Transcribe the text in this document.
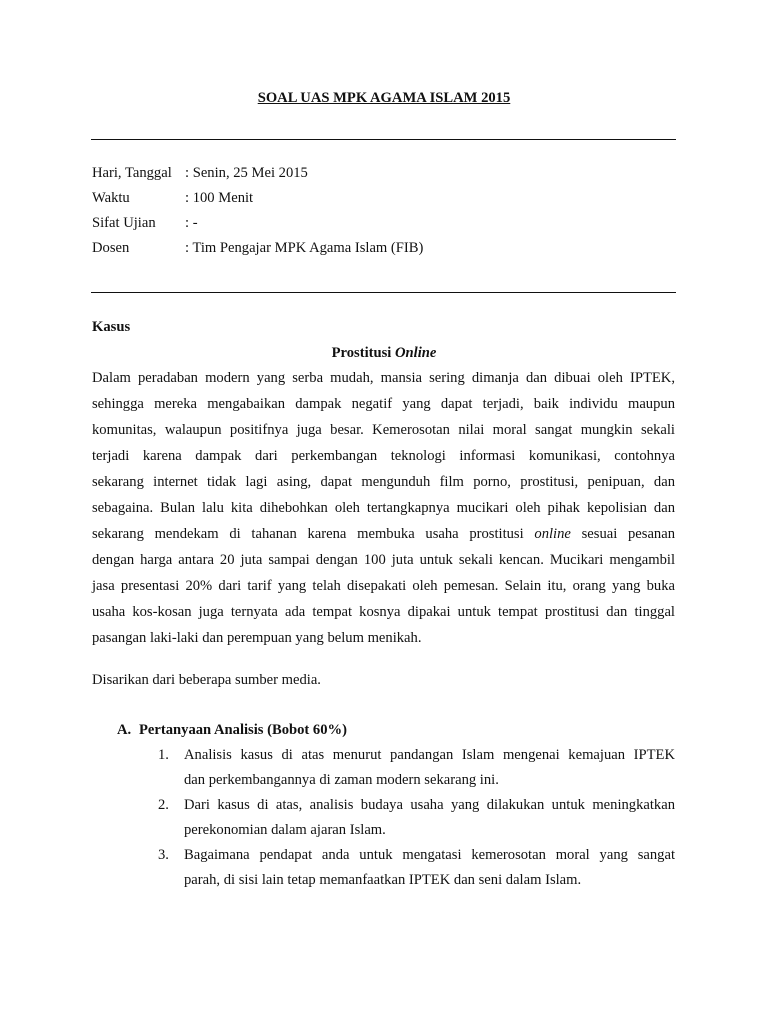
SOAL UAS MPK AGAMA ISLAM 2015
Hari, Tanggal : Senin, 25 Mei 2015
Waktu	: 100 Menit
Sifat Ujian : -
Dosen	: Tim Pengajar MPK Agama Islam (FIB)
Kasus
Prostitusi Online
Dalam peradaban modern yang serba mudah, mansia sering dimanja dan dibuai oleh IPTEK,
sehingga mereka mengabaikan dampak negatif yang dapat terjadi, baik individu maupun
komunitas, walaupun positifnya juga besar. Kemerosotan nilai moral sangat mungkin sekali
terjadi karena dampak dari perkembangan teknologi informasi komunikasi, contohnya
sekarang internet tidak lagi asing, dapat mengunduh film porno, prostitusi, penipuan, dan
sebagaina. Bulan lalu kita dihebohkan oleh tertangkapnya mucikari oleh pihak kepolisian dan
sekarang mendekam di tahanan karena membuka usaha prostitusi online sesuai pesanan
dengan harga antara 20 juta sampai dengan 100 juta untuk sekali kencan. Mucikari mengambil
jasa presentasi 20% dari tarif yang telah disepakati oleh pemesan. Selain itu, orang yang buka
usaha kos-kosan juga ternyata ada tempat kosnya dipakai untuk tempat prostitusi dan tinggal
pasangan laki-laki dan perempuan yang belum menikah.
Disarikan dari beberapa sumber media.
A. Pertanyaan Analisis (Bobot 60%)
1. Analisis kasus di atas menurut pandangan Islam mengenai kemajuan IPTEK
dan perkembangannya di zaman modern sekarang ini.
2. Dari kasus di atas, analisis budaya usaha yang dilakukan untuk meningkatkan
perekonomian dalam ajaran Islam.
3. Bagaimana pendapat anda untuk mengatasi kemerosotan moral yang sangat
parah, di sisi lain tetap memanfaatkan IPTEK dan seni dalam Islam.
